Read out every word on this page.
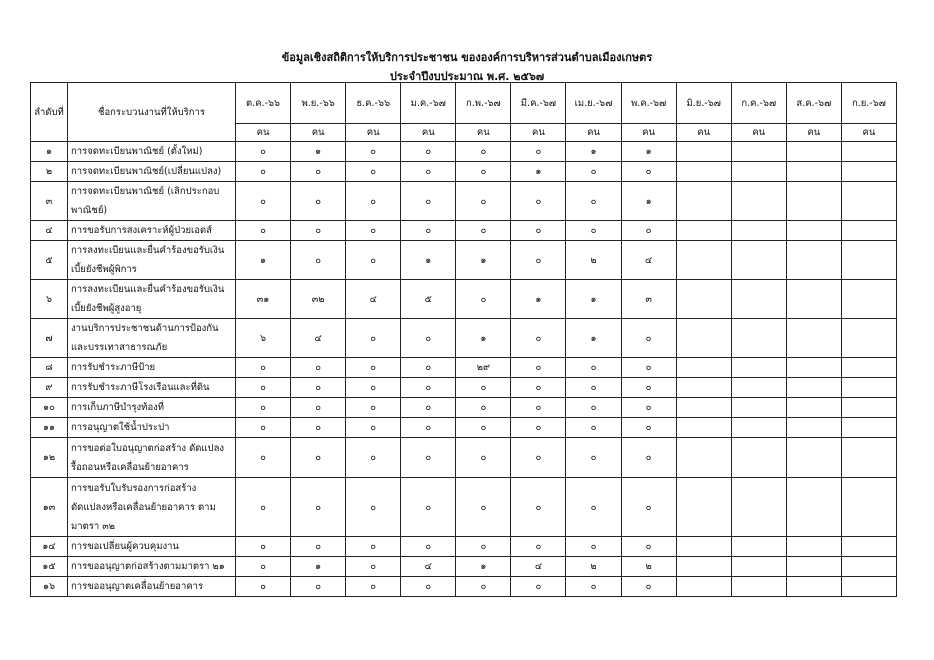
ข้อมูลเชิงสถิติการให้บริการประชาชน ขององค์การบริหารส่วนตำบลเมืองเกษตร
ประจำปีงบประมาณ พ.ศ. ๒๕๖๗
ลำดับที่	ชื่อกระบวนงานที่ให้บริการ	ต.ค.-๖๖	พ.ย.-๖๖	ธ.ค.-๖๖	ม.ค.-๖๗	ก.พ.-๖๗	มี.ค.-๖๗	เม.ย.-๖๗	พ.ค.-๖๗	มิ.ย.-๖๗	ก.ค.-๖๗	ส.ค.-๖๗	ก.ย.-๖๗
		คน	คน	คน	คน	คน	คน	คน	คน	คน	คน	คน	คน
๑	การจดทะเบียนพาณิชย์ (ตั้งใหม่)	๐	๑	๐	๐	๐	๐	๑	๑				
๒	การจดทะเบียนพาณิชย์(เปลี่ยนแปลง)	๐	๐	๐	๐	๐	๑	๐	๐				
๓	การจดทะเบียนพาณิชย์ (เลิกประกอบ
พาณิชย์)	๐	๐	๐	๐	๐	๐	๐	๑				
๔	การขอรับการสงเคราะห์ผู้ป่วยเอดส์	๐	๐	๐	๐	๐	๐	๐	๐				
๕	การลงทะเบียนและยื่นคำร้องขอรับเงิน
เบี้ยยังชีพผู้พิการ	๑	๐	๐	๑	๑	๐	๒	๔				
๖	การลงทะเบียนและยื่นคำร้องขอรับเงิน
เบี้ยยังชีพผู้สูงอายุ	๓๑	๓๒	๔	๕	๐	๑	๑	๓				
๗	งานบริการประชาชนด้านการป้องกัน
และบรรเทาสาธารณภัย	๖	๔	๐	๐	๑	๐	๑	๐				
๘	การรับชำระภาษีป้าย	๐	๐	๐	๐	๒๙	๐	๐	๐				
๙	การรับชำระภาษีโรงเรือนและที่ดิน	๐	๐	๐	๐	๐	๐	๐	๐				
๑๐	การเก็บภาษีบำรุงท้องที่	๐	๐	๐	๐	๐	๐	๐	๐				
๑๑	การอนุญาตใช้น้ำประปา	๐	๐	๐	๐	๐	๐	๐	๐				
๑๒	การขอต่อใบอนุญาตก่อสร้าง ดัดแปลง
รื้อถอนหรือเคลื่อนย้ายอาคาร	๐	๐	๐	๐	๐	๐	๐	๐				
๑๓	การขอรับใบรับรองการก่อสร้าง
ดัดแปลงหรือเคลื่อนย้ายอาคาร ตาม
มาตรา ๓๒	๐	๐	๐	๐	๐	๐	๐	๐				
๑๔	การขอเปลี่ยนผู้ควบคุมงาน	๐	๐	๐	๐	๐	๐	๐	๐				
๑๕	การขออนุญาตก่อสร้างตามมาตรา ๒๑	๐	๑	๐	๔	๑	๔	๒	๒				
๑๖	การขออนุญาตเคลื่อนย้ายอาคาร	๐	๐	๐	๐	๐	๐	๐	๐				
